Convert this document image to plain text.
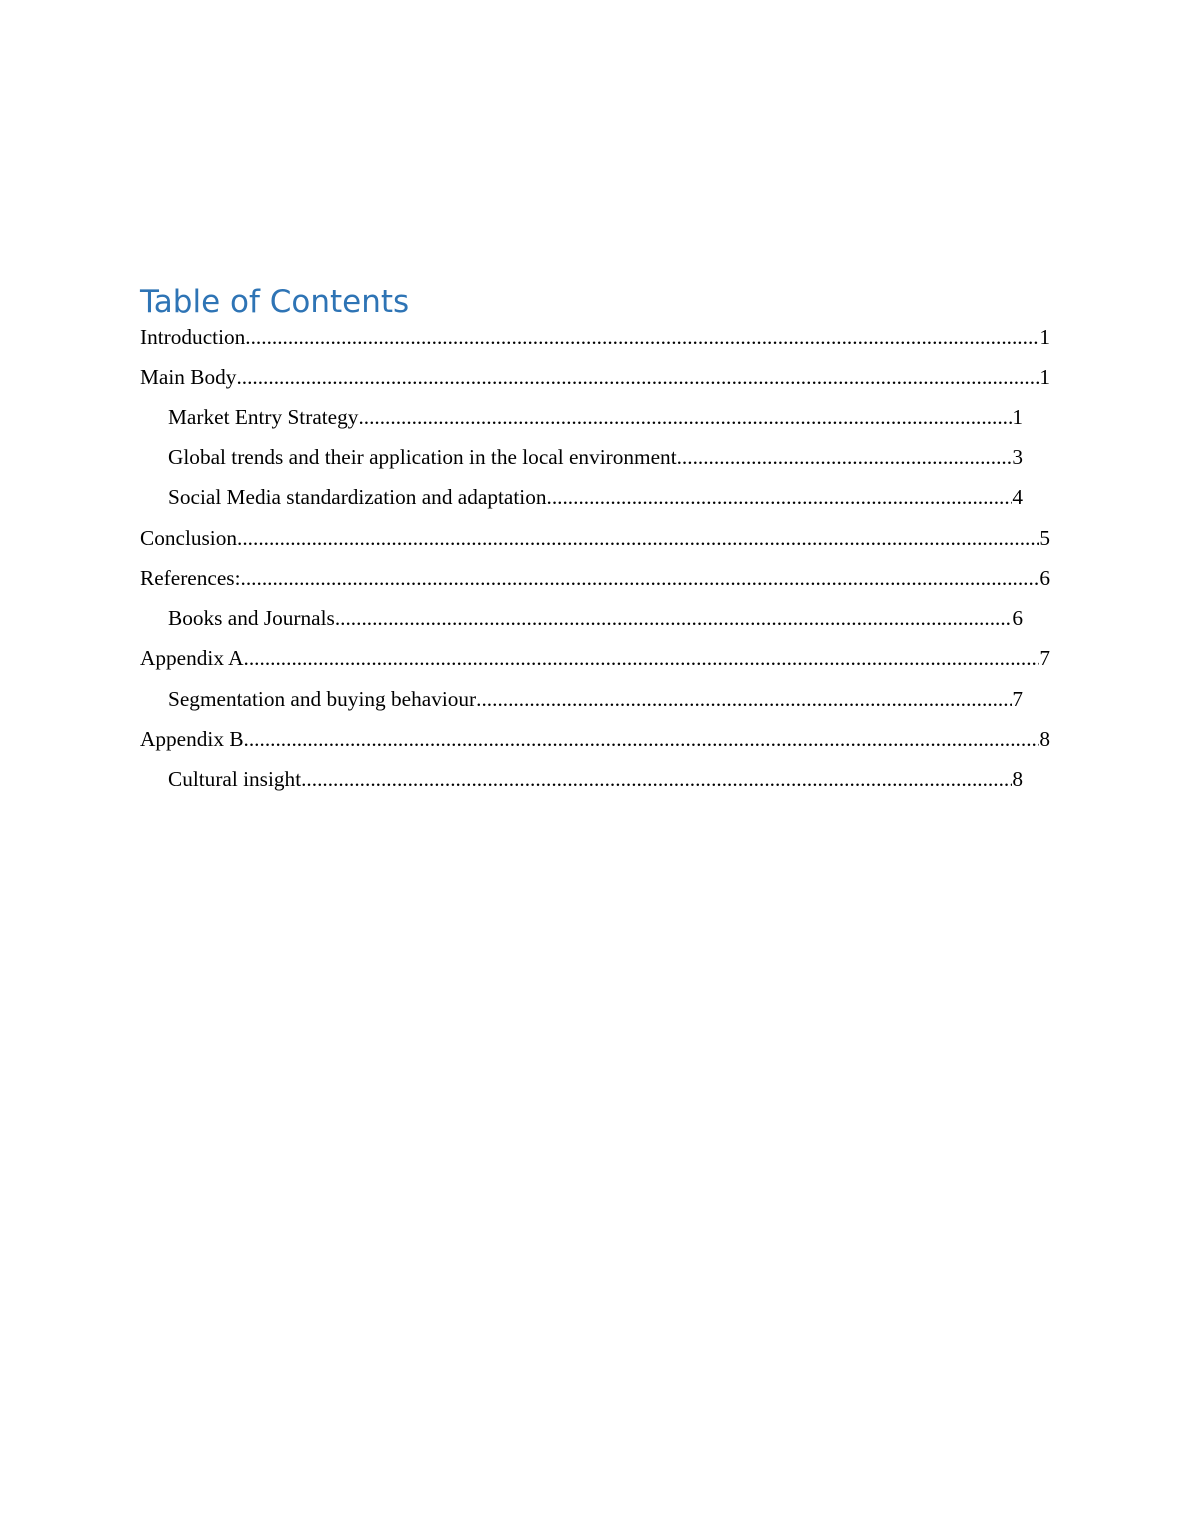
Table of Contents
Introduction .....	1
Main Body .....	1
Market Entry Strategy .....	1
Global trends and their application in the local environment .....	3
Social Media standardization and adaptation .....	4
Conclusion .....	5
References: .....	6
Books and Journals .....	6
Appendix A .....	7
Segmentation and buying behaviour .....	7
Appendix B .....	8
Cultural insight .....	8
